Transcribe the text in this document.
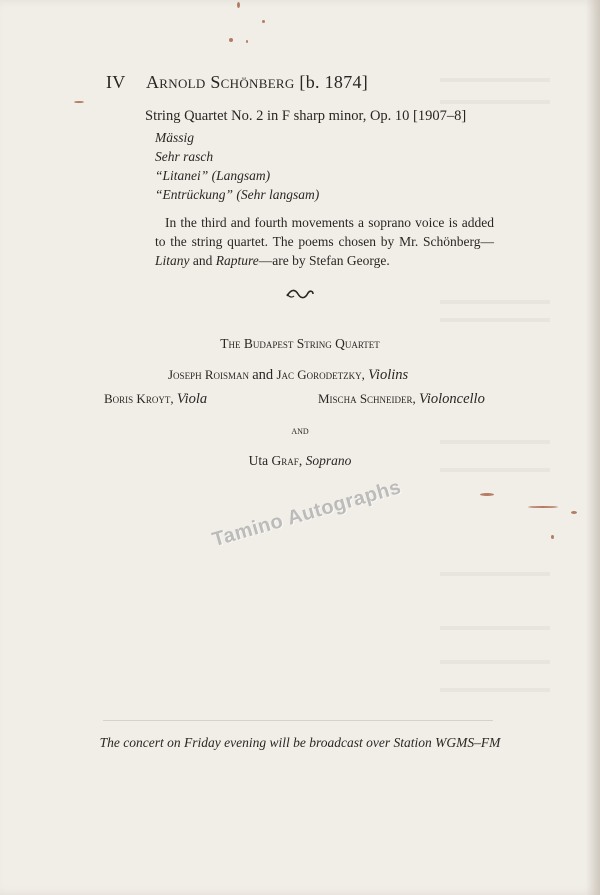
IV Arnold Schönberg [b. 1874]
String Quartet No. 2 in F sharp minor, Op. 10 [1907–8]
Mässig
Sehr rasch
“Litanei” (Langsam)
“Entrückung” (Sehr langsam)
In the third and fourth movements a soprano voice is added to the string quartet. The poems chosen by Mr. Schönberg—Litany and Rapture—are by Stefan George.
The Budapest String Quartet
Joseph Roisman and Jac Gorodetzky, Violins
Boris Kroyt, Viola	Mischa Schneider, Violoncello
and
Uta Graf, Soprano
The concert on Friday evening will be broadcast over Station WGMS–FM
Tamino Autographs
